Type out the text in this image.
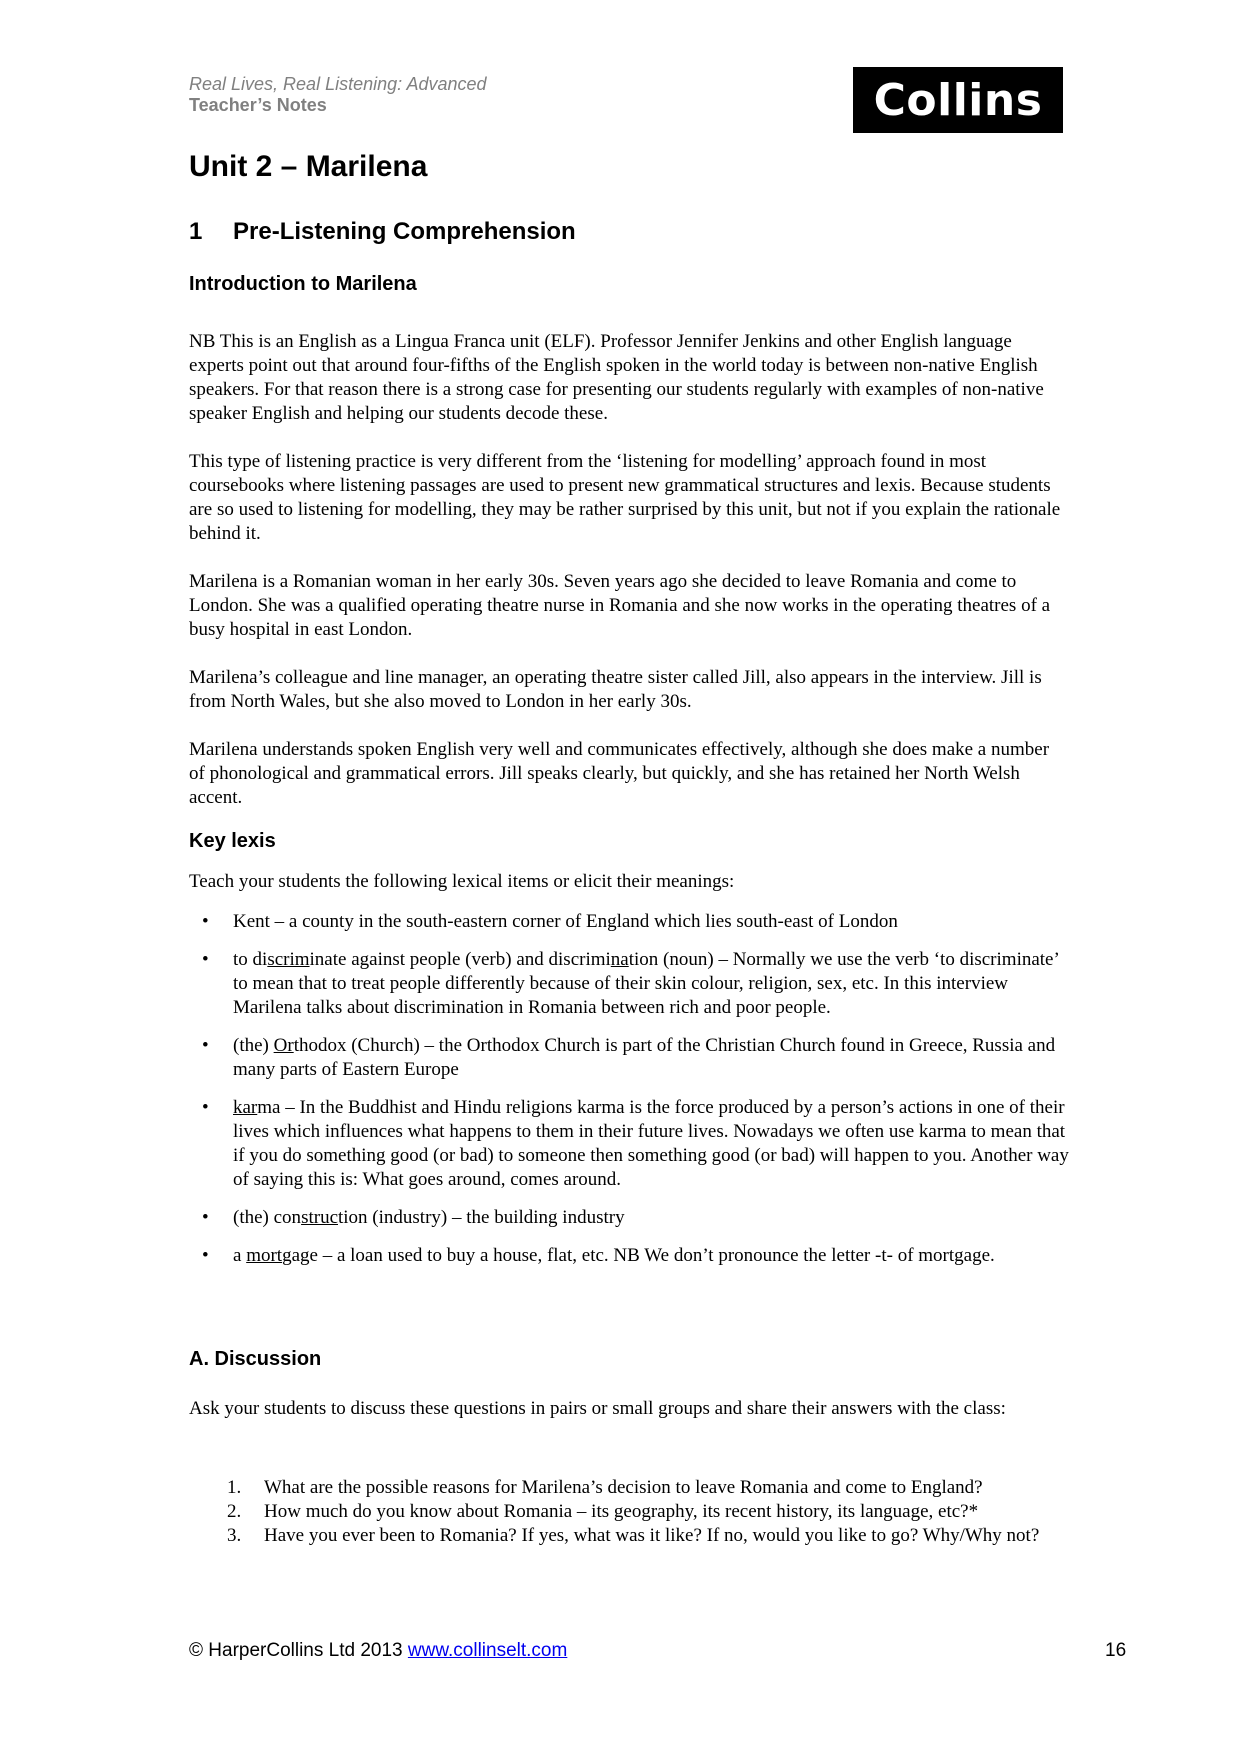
Real Lives, Real Listening: Advanced
Teacher’s Notes	Collins
Unit 2 – Marilena
1 Pre-Listening Comprehension
Introduction to Marilena

NB This is an English as a Lingua Franca unit (ELF). Professor Jennifer Jenkins and other English language experts point out that around four-fifths of the English spoken in the world today is between non-native English speakers. For that reason there is a strong case for presenting our students regularly with examples of non-native speaker English and helping our students decode these.

This type of listening practice is very different from the ‘listening for modelling’ approach found in most coursebooks where listening passages are used to present new grammatical structures and lexis. Because students are so used to listening for modelling, they may be rather surprised by this unit, but not if you explain the rationale behind it.

Marilena is a Romanian woman in her early 30s. Seven years ago she decided to leave Romania and come to London. She was a qualified operating theatre nurse in Romania and she now works in the operating theatres of a busy hospital in east London.

Marilena’s colleague and line manager, an operating theatre sister called Jill, also appears in the interview. Jill is from North Wales, but she also moved to London in her early 30s.

Marilena understands spoken English very well and communicates effectively, although she does make a number of phonological and grammatical errors. Jill speaks clearly, but quickly, and she has retained her North Welsh accent.

Key lexis

Teach your students the following lexical items or elicit their meanings:

• Kent – a county in the south-eastern corner of England which lies south-east of London
• to discriminate against people (verb) and discrimination (noun) – Normally we use the verb ‘to discriminate’ to mean that to treat people differently because of their skin colour, religion, sex, etc. In this interview Marilena talks about discrimination in Romania between rich and poor people.
• (the) Orthodox (Church) – the Orthodox Church is part of the Christian Church found in Greece, Russia and many parts of Eastern Europe
• karma – In the Buddhist and Hindu religions karma is the force produced by a person’s actions in one of their lives which influences what happens to them in their future lives. Nowadays we often use karma to mean that if you do something good (or bad) to someone then something good (or bad) will happen to you. Another way of saying this is: What goes around, comes around.
• (the) construction (industry) – the building industry
• a mortgage – a loan used to buy a house, flat, etc. NB We don’t pronounce the letter -t- of mortgage.
A. Discussion

Ask your students to discuss these questions in pairs or small groups and share their answers with the class:

1. What are the possible reasons for Marilena’s decision to leave Romania and come to England?
2. How much do you know about Romania – its geography, its recent history, its language, etc?*
3. Have you ever been to Romania? If yes, what was it like? If no, would you like to go? Why/Why not?
© HarperCollins Ltd 2013 www.collinselt.com	16
